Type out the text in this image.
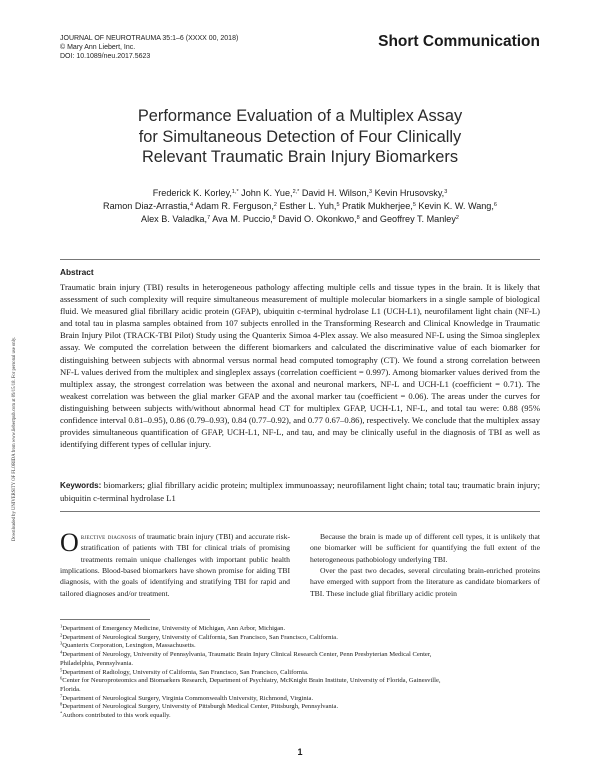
JOURNAL OF NEUROTRAUMA 35:1–6 (XXXX 00, 2018)
© Mary Ann Liebert, Inc.
DOI: 10.1089/neu.2017.5623
Short Communication
Performance Evaluation of a Multiplex Assay
for Simultaneous Detection of Four Clinically
Relevant Traumatic Brain Injury Biomarkers
Frederick K. Korley,$^{1,*}$ John K. Yue,$^{2,*}$ David H. Wilson,$^3$ Kevin Hrusovsky,$^3$
Ramon Diaz-Arrastia,$^4$ Adam R. Ferguson,$^2$ Esther L. Yuh,$^5$ Pratik Mukherjee,$^5$ Kevin K. W. Wang,$^6$
Alex B. Valadka,$^7$ Ava M. Puccio,$^8$ David O. Okonkwo,$^8$ and Geoffrey T. Manley$^2$
Downloaded by UNIVERSITY OF FLORIDA from www.liebertpub.com at 09/15/18. For personal use only.
Abstract
Traumatic brain injury (TBI) results in heterogeneous pathology affecting multiple cells and tissue types in the brain. It is likely that assessment of such complexity will require simultaneous measurement of multiple molecular biomarkers in a single sample of biological fluid. We measured glial fibrillary acidic protein (GFAP), ubiquitin c-terminal hydrolase L1 (UCH-L1), neurofilament light chain (NF-L) and total tau in plasma samples obtained from 107 subjects enrolled in the Transforming Research and Clinical Knowledge in Traumatic Brain Injury Pilot (TRACK-TBI Pilot) Study using the Quanterix Simoa 4-Plex assay. We also measured NF-L using the Simoa singleplex assay. We computed the correlation between the different biomarkers and calculated the discriminative value of each biomarker for distinguishing between subjects with abnormal versus normal head computed tomography (CT). We found a strong correlation between NF-L values derived from the multiplex and singleplex assays (correlation coefficient = 0.997). Among biomarker values derived from the multiplex assay, the strongest correlation was between the axonal and neuronal markers, NF-L and UCH-L1 (coefficient = 0.71). The weakest correlation was between the glial marker GFAP and the axonal marker tau (coefficient = 0.06). The areas under the curves for distinguishing between subjects with/without abnormal head CT for multiplex GFAP, UCH-L1, NF-L, and total tau were: 0.88 (95% confidence interval 0.81–0.95), 0.86 (0.79–0.93), 0.84 (0.77–0.92), and 0.77 0.67–0.86), respectively. We conclude that the multiplex assay provides simultaneous quantification of GFAP, UCH-L1, NF-L, and tau, and may be clinically useful in the diagnosis of TBI as well as identifying different types of cellular injury.
Keywords: biomarkers; glial fibrillary acidic protein; multiplex immunoassay; neurofilament light chain; total tau; traumatic brain injury; ubiquitin c-terminal hydrolase L1
Objective diagnosis of traumatic brain injury (TBI) and accurate risk-stratification of patients with TBI for clinical trials of promising treatments remain unique challenges with important public health implications. Blood-based biomarkers have shown promise for aiding TBI diagnosis, with the goals of identifying and stratifying TBI for rapid and tailored diagnoses and/or treatment.
Because the brain is made up of different cell types, it is unlikely that one biomarker will be sufficient for quantifying the full extent of the heterogeneous pathobiology underlying TBI.
Over the past two decades, several circulating brain-enriched proteins have emerged with support from the literature as candidate biomarkers of TBI. These include glial fibrillary acidic protein
$^1$Department of Emergency Medicine, University of Michigan, Ann Arbor, Michigan.
$^2$Department of Neurological Surgery, University of California, San Francisco, San Francisco, California.
$^3$Quanterix Corporation, Lexington, Massachusetts.
$^4$Department of Neurology, University of Pennsylvania, Traumatic Brain Injury Clinical Research Center, Penn Presbyterian Medical Center,
Philadelphia, Pennsylvania.
$^5$Department of Radiology, University of California, San Francisco, San Francisco, California.
$^6$Center for Neuroproteomics and Biomarkers Research, Department of Psychiatry, McKnight Brain Institute, University of Florida, Gainesville,
Florida.
$^7$Department of Neurological Surgery, Virginia Commonwealth University, Richmond, Virginia.
$^8$Department of Neurological Surgery, University of Pittsburgh Medical Center, Pittsburgh, Pennsylvania.
*Authors contributed to this work equally.
1
